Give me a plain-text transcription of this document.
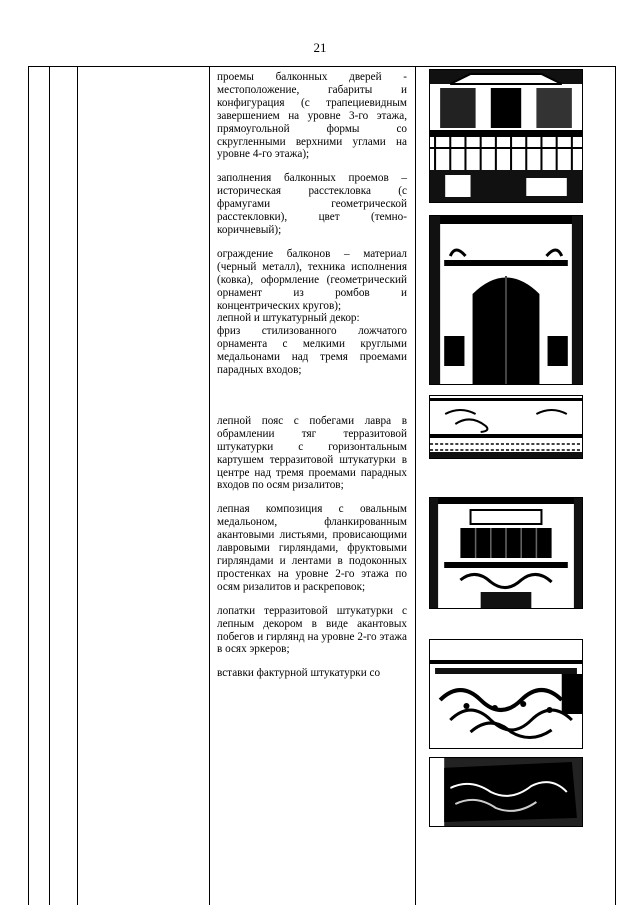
21

проемы балконных дверей - местоположение, габариты и конфигурация (с трапециевидным завершением на уровне 3-го этажа, прямоугольной формы со скругленными верхними углами на уровне 4-го этажа);

заполнения балконных проемов – историческая расстекловка (с фрамугами геометрической расстекловки), цвет (темно-коричневый);

ограждение балконов – материал (черный металл), техника исполнения (ковка), оформление (геометрический орнамент из ромбов и концентрических кругов);

лепной и штукатурный декор:

фриз стилизованного ложчатого орнамента с мелкими круглыми медальонами над тремя проемами парадных входов;

лепной пояс с побегами лавра в обрамлении тяг терразитовой штукатурки с горизонтальным картушем терразитовой штукатурки в центре над тремя проемами парадных входов по осям ризалитов;

лепная композиция с овальным медальоном, фланкированным акантовыми листьями, провисающими лавровыми гирляндами, фруктовыми гирляндами и лентами в подоконных простенках на уровне 2-го этажа по осям ризалитов и раскреповок;

лопатки терразитовой штукатурки с лепным декором в виде акантовых побегов и гирлянд на уровне 2-го этажа в осях эркеров;

вставки фактурной штукатурки со
